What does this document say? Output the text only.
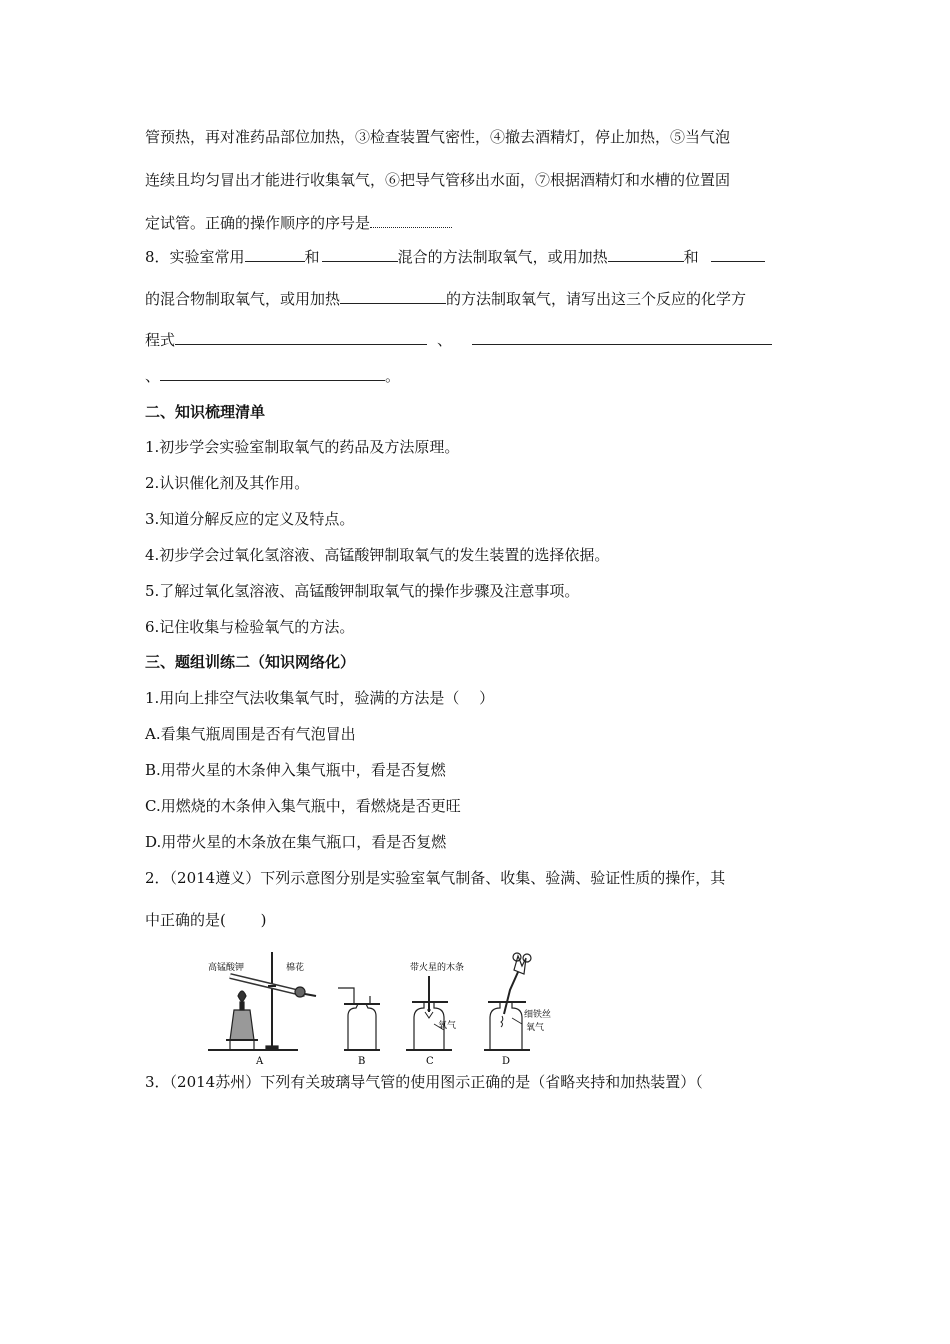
管预热，再对准药品部位加热，③检查装置气密性，④撤去酒精灯，停止加热，⑤当气泡
连续且均匀冒出才能进行收集氧气，⑥把导气管移出水面，⑦根据酒精灯和水槽的位置固
定试管。正确的操作顺序的序号是
8．实验室常用	和	混合的方法制取氧气，或用加热	和
的混合物制取氧气，或用加热	的方法制取氧气，请写出这三个反应的化学方
程式	、
、	。
二、知识梳理清单
1.初步学会实验室制取氧气的药品及方法原理。
2.认识催化剂及其作用。
3.知道分解反应的定义及特点。
4.初步学会过氧化氢溶液、高锰酸钾制取氧气的发生装置的选择依据。
5.了解过氧化氢溶液、高锰酸钾制取氧气的操作步骤及注意事项。
6.记住收集与检验氧气的方法。
三、题组训练二（知识网络化）
1.用向上排空气法收集氧气时，验满的方法是（　 ）
A.看集气瓶周围是否有气泡冒出
B.用带火星的木条伸入集气瓶中，看是否复燃
C.用燃烧的木条伸入集气瓶中，看燃烧是否更旺
D.用带火星的木条放在集气瓶口，看是否复燃
2．（2014遵义）下列示意图分别是实验室氧气制备、收集、验满、验证性质的操作，其
中正确的是(　　 )
高锰酸钾	棉花	带火星的木条
氧气
细铁丝
氧气
A	B	C	D
3．（2014苏州）下列有关玻璃导气管的使用图示正确的是（省略夹持和加热装置）（
